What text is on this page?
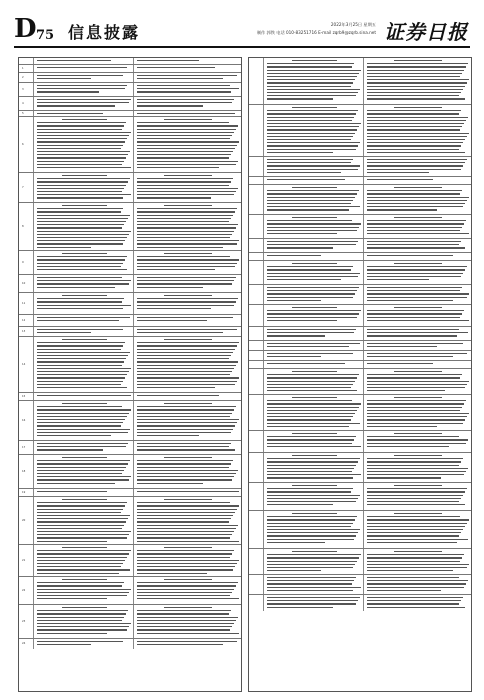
D 75 信息披露	2022年3月25日 星期五
制作 郭铁 电话 010-83251716 E-mail zqrb9@zqrb.sina.net 证券日报
1
2
3
4
5
6
7
8
9
10
11
12
13
14
15
16
17
18
19
20
21
22
23
24
